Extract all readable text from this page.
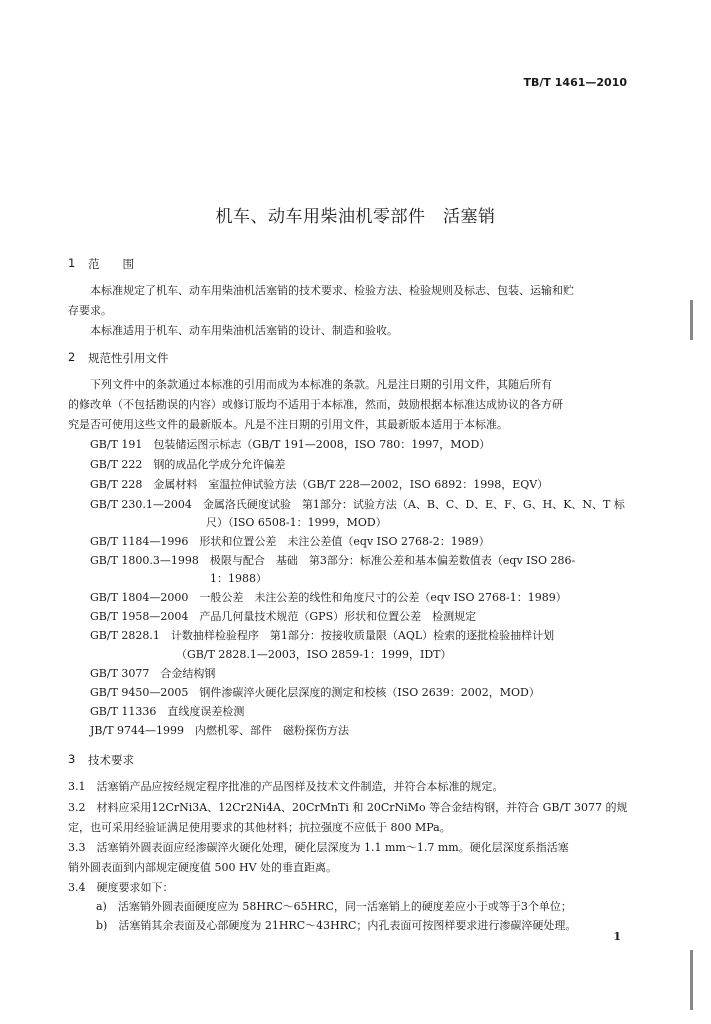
TB/T 1461—2010
机车、动车用柴油机零部件　活塞销
1 范　　围
本标准规定了机车、动车用柴油机活塞销的技术要求、检验方法、检验规则及标志、包装、运输和贮
存要求。
本标准适用于机车、动车用柴油机活塞销的设计、制造和验收。
2 规范性引用文件
下列文件中的条款通过本标准的引用而成为本标准的条款。凡是注日期的引用文件，其随后所有
的修改单（不包括勘误的内容）或修订版均不适用于本标准，然而，鼓励根据本标准达成协议的各方研
究是否可使用这些文件的最新版本。凡是不注日期的引用文件，其最新版本适用于本标准。
GB/T 191　包装储运图示标志（GB/T 191—2008，ISO 780：1997，MOD）
GB/T 222　钢的成品化学成分允许偏差
GB/T 228　金属材料　室温拉伸试验方法（GB/T 228—2002，ISO 6892：1998，EQV）
GB/T 230.1—2004　金属洛氏硬度试验　第1部分：试验方法（A、B、C、D、E、F、G、H、K、N、T 标
尺）（ISO 6508-1：1999，MOD）
GB/T 1184—1996　形状和位置公差　未注公差值（eqv ISO 2768-2：1989）
GB/T 1800.3—1998　极限与配合　基础　第3部分：标准公差和基本偏差数值表（eqv ISO 286-
1：1988）
GB/T 1804—2000　一般公差　未注公差的线性和角度尺寸的公差（eqv ISO 2768-1：1989）
GB/T 1958—2004　产品几何量技术规范（GPS）形状和位置公差　检测规定
GB/T 2828.1　计数抽样检验程序　第1部分：按接收质量限（AQL）检索的逐批检验抽样计划
（GB/T 2828.1—2003，ISO 2859-1：1999，IDT）
GB/T 3077　合金结构钢
GB/T 9450—2005　钢件渗碳淬火硬化层深度的测定和校核（ISO 2639：2002，MOD）
GB/T 11336　直线度误差检测
JB/T 9744—1999　内燃机零、部件　磁粉探伤方法
3 技术要求
3.1　活塞销产品应按经规定程序批准的产品图样及技术文件制造，并符合本标准的规定。
3.2　材料应采用12CrNi3A、12Cr2Ni4A、20CrMnTi 和 20CrNiMo 等合金结构钢，并符合 GB/T 3077 的规
定，也可采用经验证满足使用要求的其他材料；抗拉强度不应低于 800 MPa。
3.3　活塞销外圆表面应经渗碳淬火硬化处理，硬化层深度为 1.1 mm～1.7 mm。硬化层深度系指活塞
销外圆表面到内部规定硬度值 500 HV 处的垂直距离。
3.4　硬度要求如下：
a)　活塞销外圆表面硬度应为 58HRC～65HRC，同一活塞销上的硬度差应小于或等于3个单位；
b)　活塞销其余表面及心部硬度为 21HRC～43HRC；内孔表面可按图样要求进行渗碳淬硬处理。
1
